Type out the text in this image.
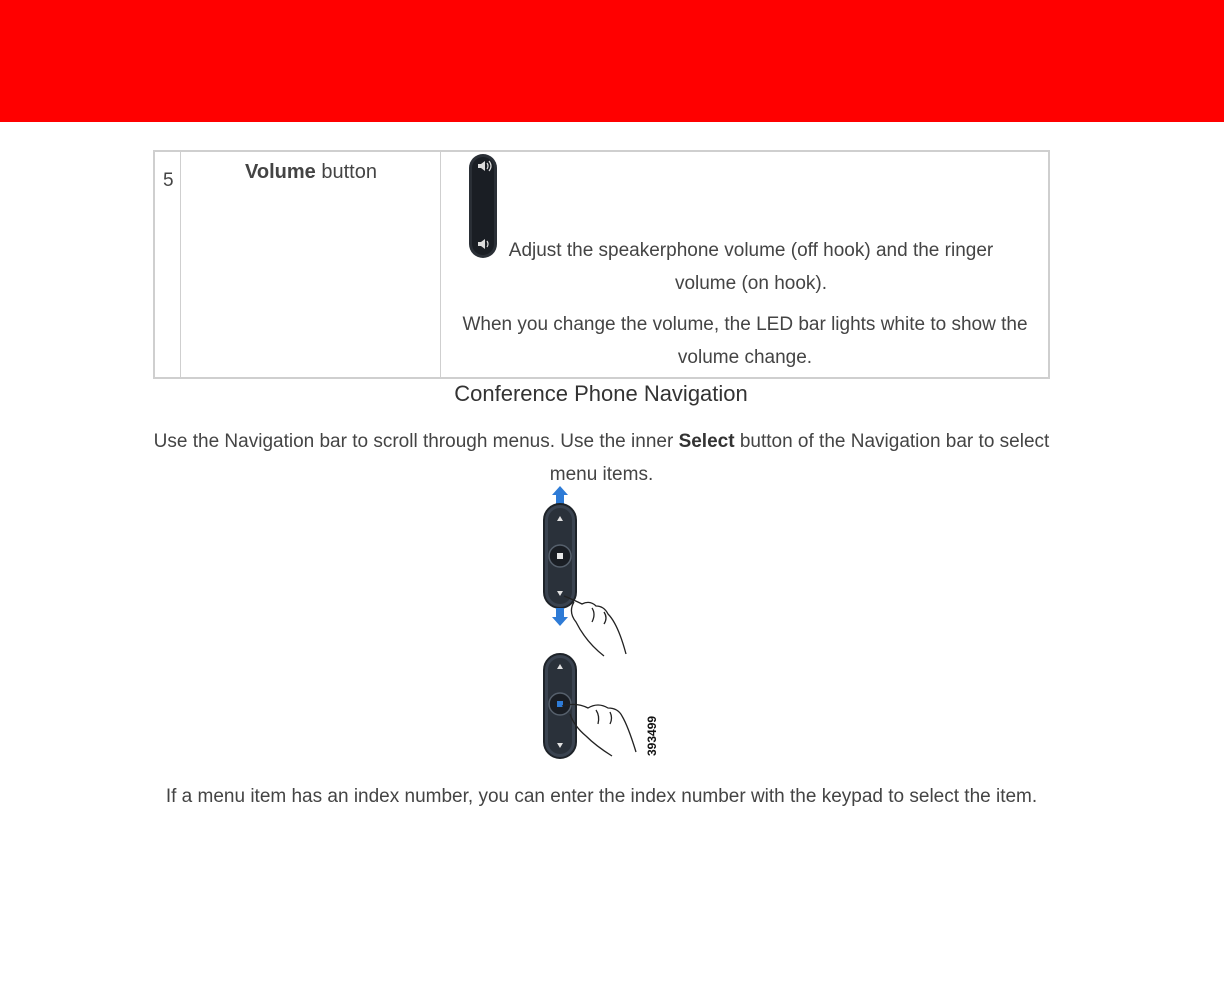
5	Volume button
Adjust the speakerphone volume (off hook) and the ringer volume (on hook).
When you change the volume, the LED bar lights white to show the volume change.
Conference Phone Navigation
Use the Navigation bar to scroll through menus. Use the inner Select button of the Navigation bar to select menu items.
393499
If a menu item has an index number, you can enter the index number with the keypad to select the item.
